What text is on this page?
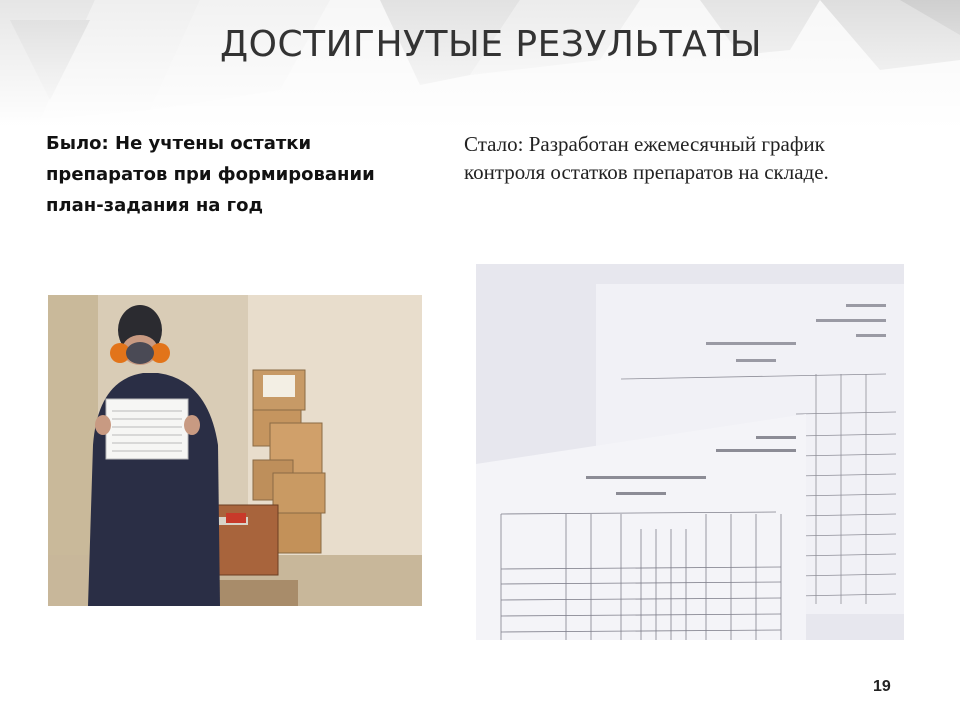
ДОСТИГНУТЫЕ РЕЗУЛЬТАТЫ
Было: Не учтены остатки препаратов при формировании план-задания на год
Стало: Разработан ежемесячный график контроля остатков препаратов на складе.
19
